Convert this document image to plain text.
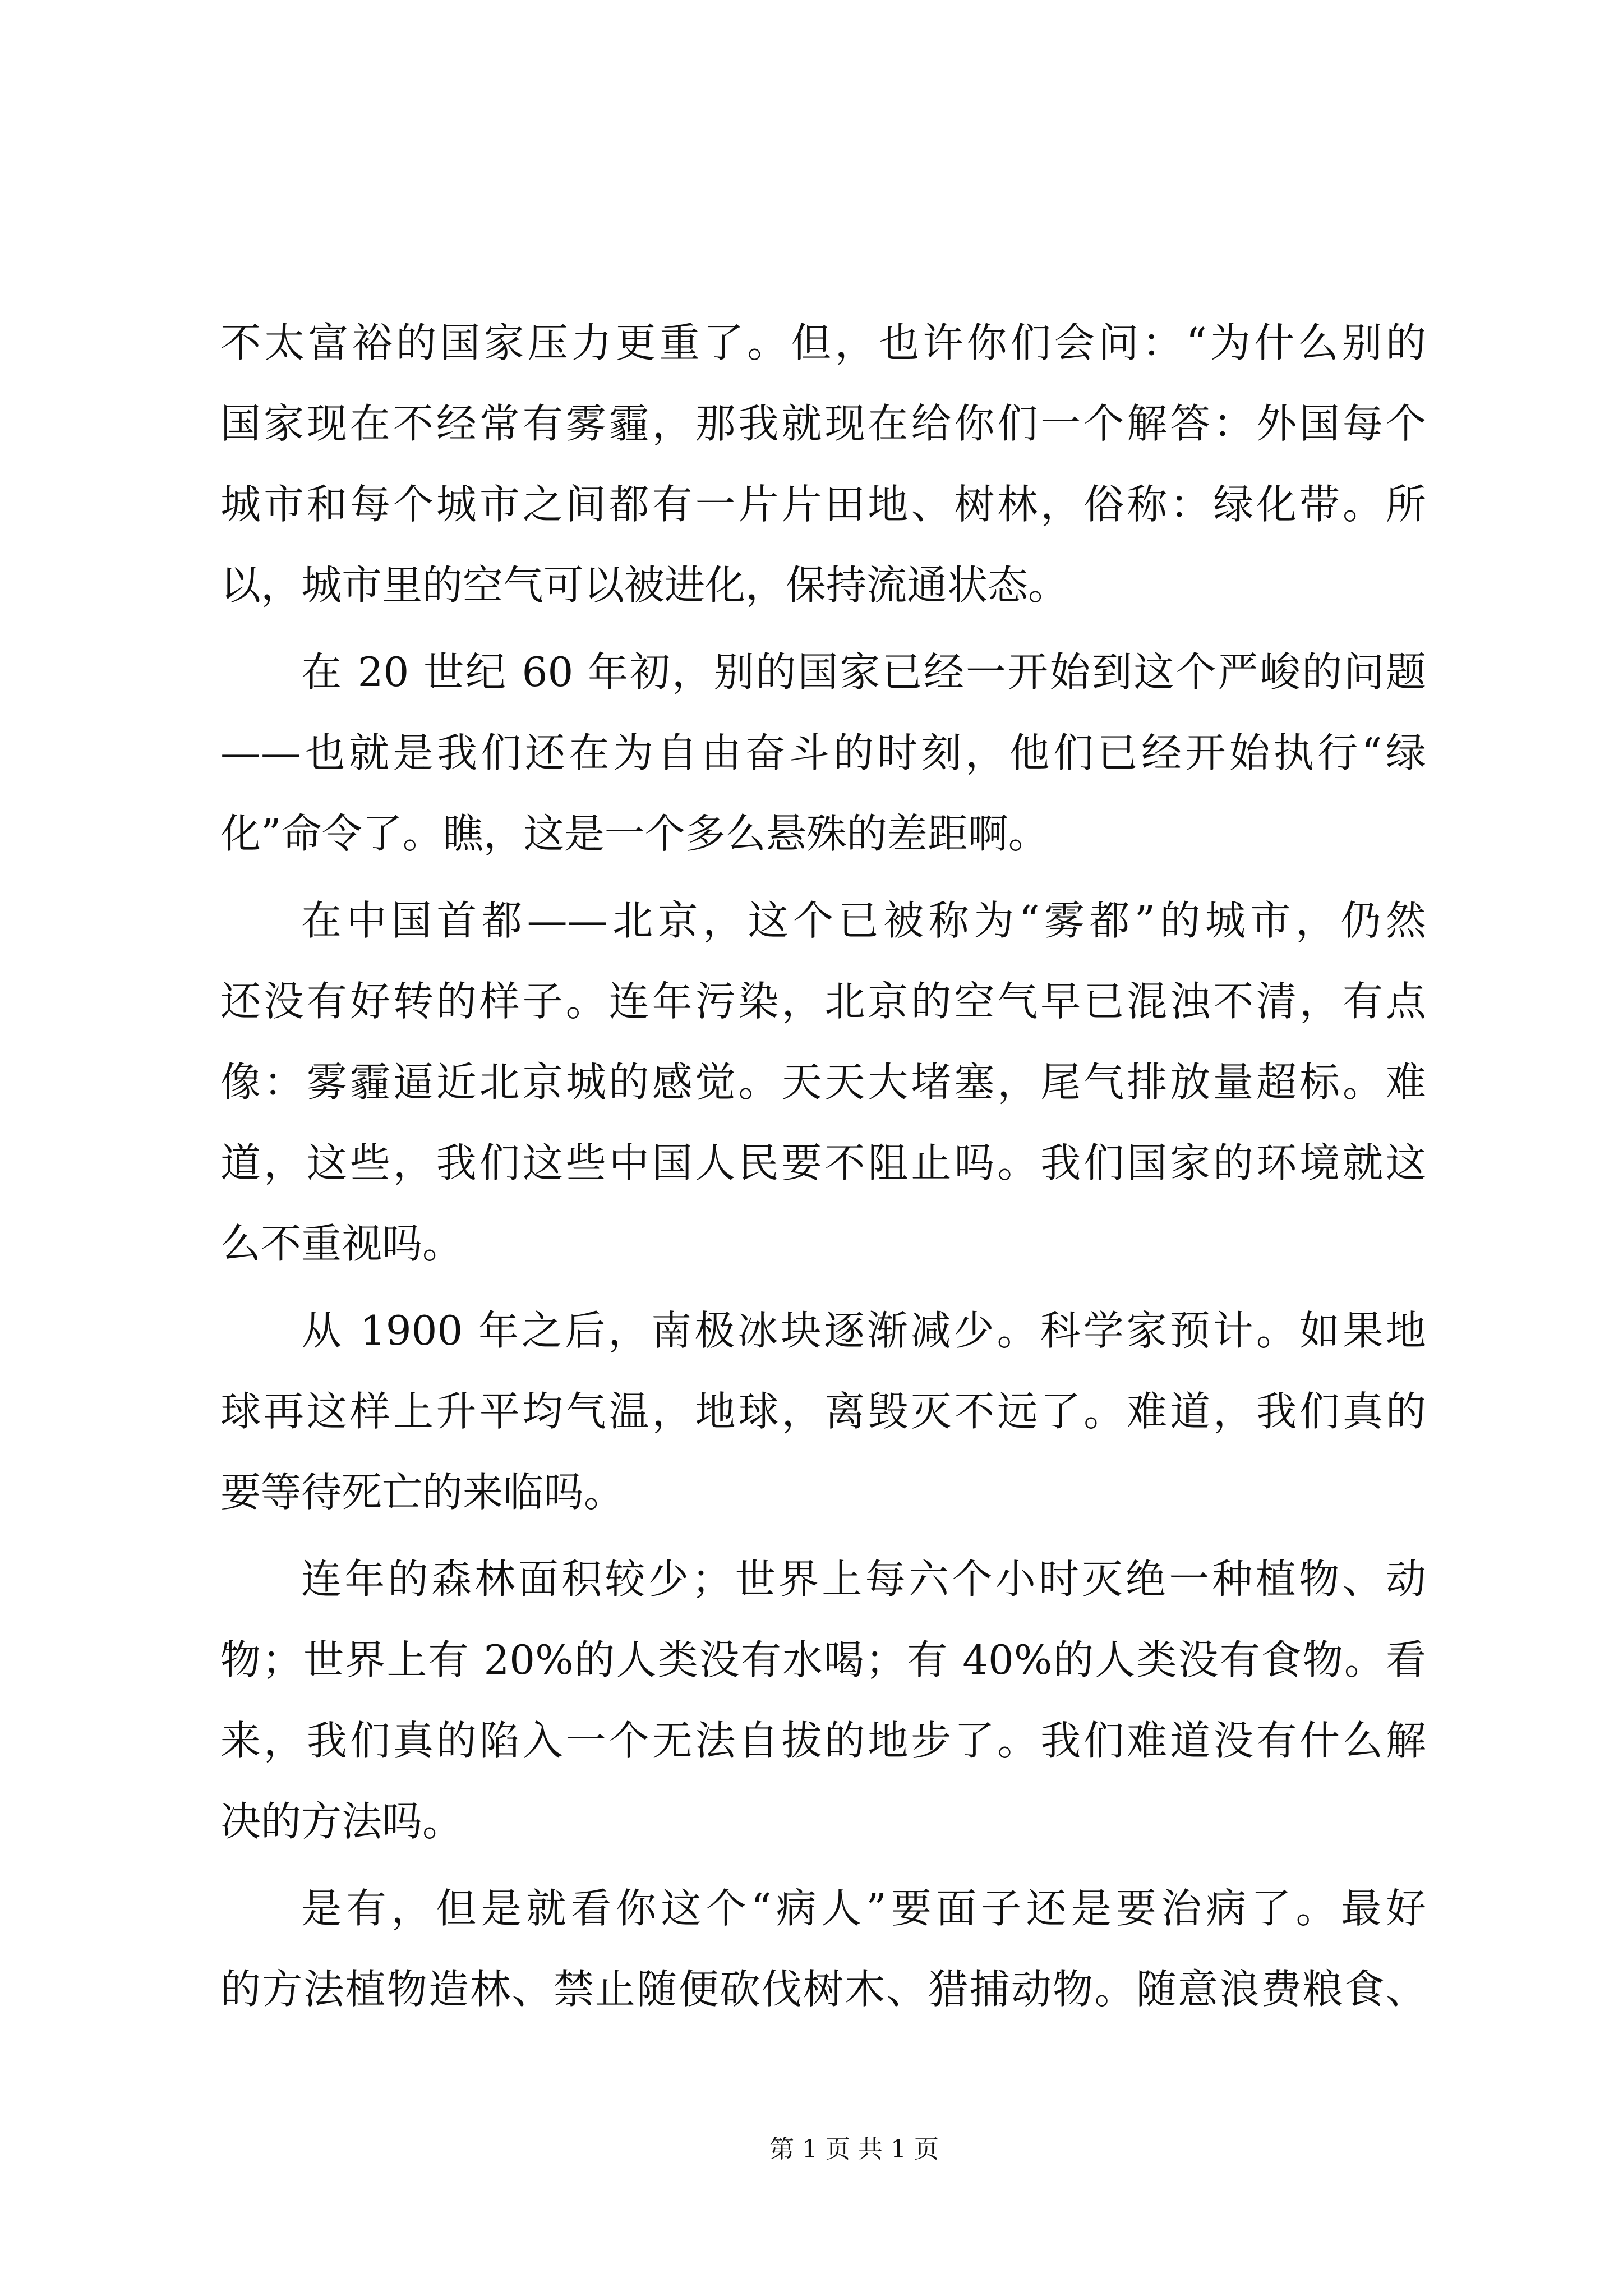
不太富裕的国家压力更重了。但，也许你们会问：“为什么别的
国家现在不经常有雾霾，那我就现在给你们一个解答：外国每个
城市和每个城市之间都有一片片田地、树林，俗称：绿化带。所
以，城市里的空气可以被进化，保持流通状态。

在 20 世纪 60 年初，别的国家已经一开始到这个严峻的问题
——也就是我们还在为自由奋斗的时刻，他们已经开始执行“绿
化”命令了。瞧，这是一个多么悬殊的差距啊。

在中国首都——北京，这个已被称为“雾都”的城市，仍然
还没有好转的样子。连年污染，北京的空气早已混浊不清，有点
像：雾霾逼近北京城的感觉。天天大堵塞，尾气排放量超标。难
道，这些，我们这些中国人民要不阻止吗。我们国家的环境就这
么不重视吗。

从 1900 年之后，南极冰块逐渐减少。科学家预计。如果地
球再这样上升平均气温，地球，离毁灭不远了。难道，我们真的
要等待死亡的来临吗。

连年的森林面积较少；世界上每六个小时灭绝一种植物、动
物；世界上有 20%的人类没有水喝；有 40%的人类没有食物。看
来，我们真的陷入一个无法自拔的地步了。我们难道没有什么解
决的方法吗。

是有，但是就看你这个“病人”要面子还是要治病了。最好
的方法植物造林、禁止随便砍伐树木、猎捕动物。随意浪费粮食、

第 1 页 共 1 页
